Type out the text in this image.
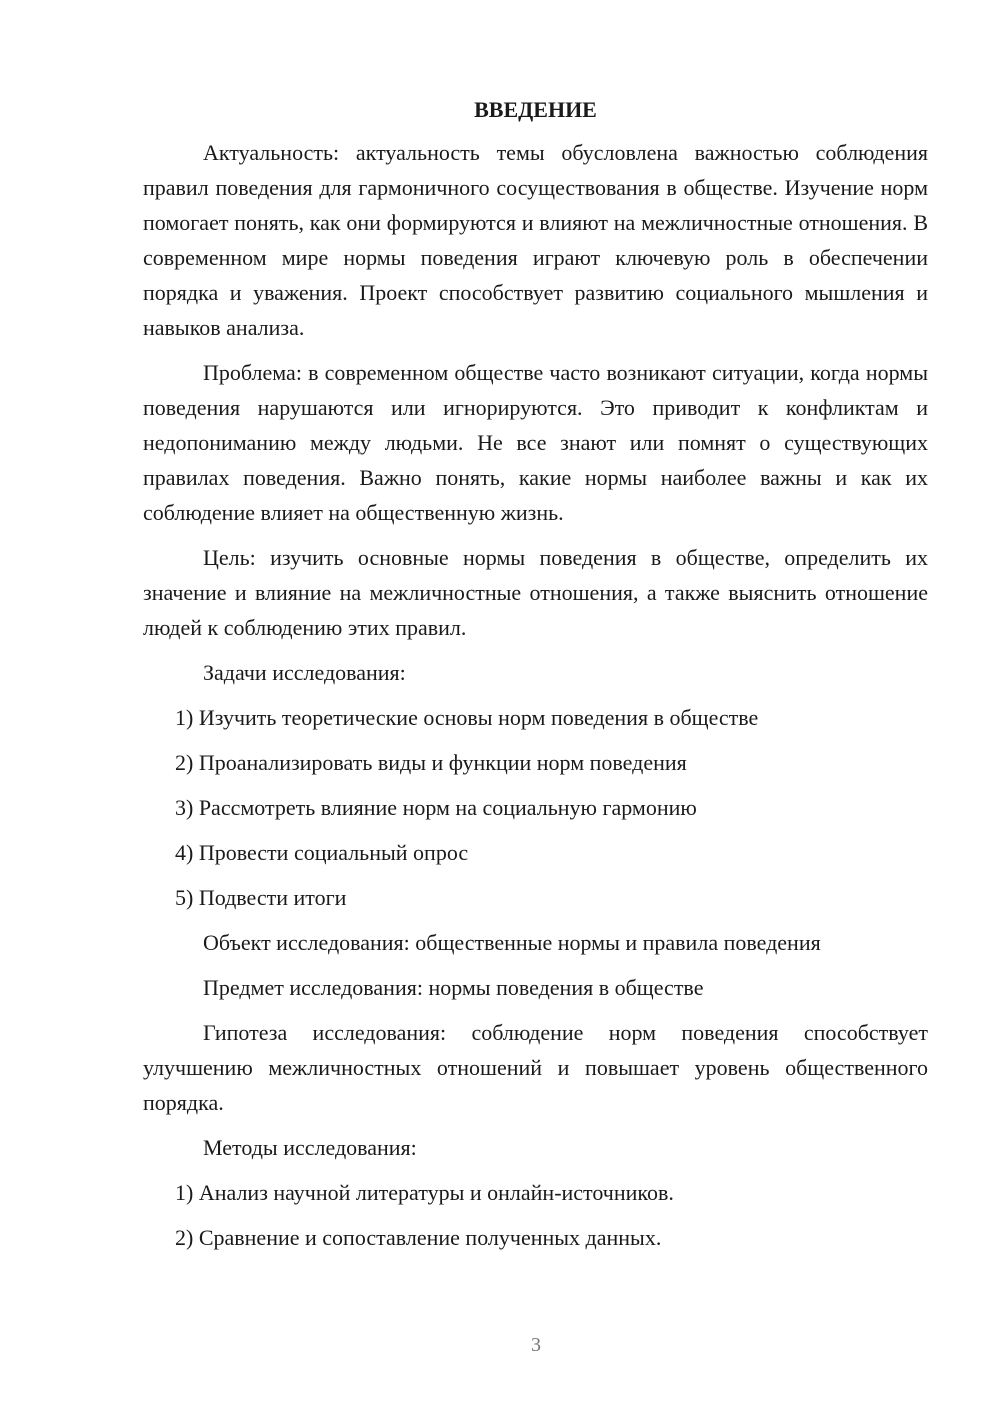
ВВЕДЕНИЕ

Актуальность: актуальность темы обусловлена важностью соблюдения правил поведения для гармоничного сосуществования в обществе. Изучение норм помогает понять, как они формируются и влияют на межличностные отношения. В современном мире нормы поведения играют ключевую роль в обеспечении порядка и уважения. Проект способствует развитию социального мышления и навыков анализа.

Проблема: в современном обществе часто возникают ситуации, когда нормы поведения нарушаются или игнорируются. Это приводит к конфликтам и недопониманию между людьми. Не все знают или помнят о существующих правилах поведения. Важно понять, какие нормы наиболее важны и как их соблюдение влияет на общественную жизнь.

Цель: изучить основные нормы поведения в обществе, определить их значение и влияние на межличностные отношения, а также выяснить отношение людей к соблюдению этих правил.

Задачи исследования:

1) Изучить теоретические основы норм поведения в обществе
2) Проанализировать виды и функции норм поведения
3) Рассмотреть влияние норм на социальную гармонию
4) Провести социальный опрос
5) Подвести итоги

Объект исследования: общественные нормы и правила поведения

Предмет исследования: нормы поведения в обществе

Гипотеза исследования: соблюдение норм поведения способствует улучшению межличностных отношений и повышает уровень общественного порядка.

Методы исследования:

1) Анализ научной литературы и онлайн-источников.
2) Сравнение и сопоставление полученных данных.
3
